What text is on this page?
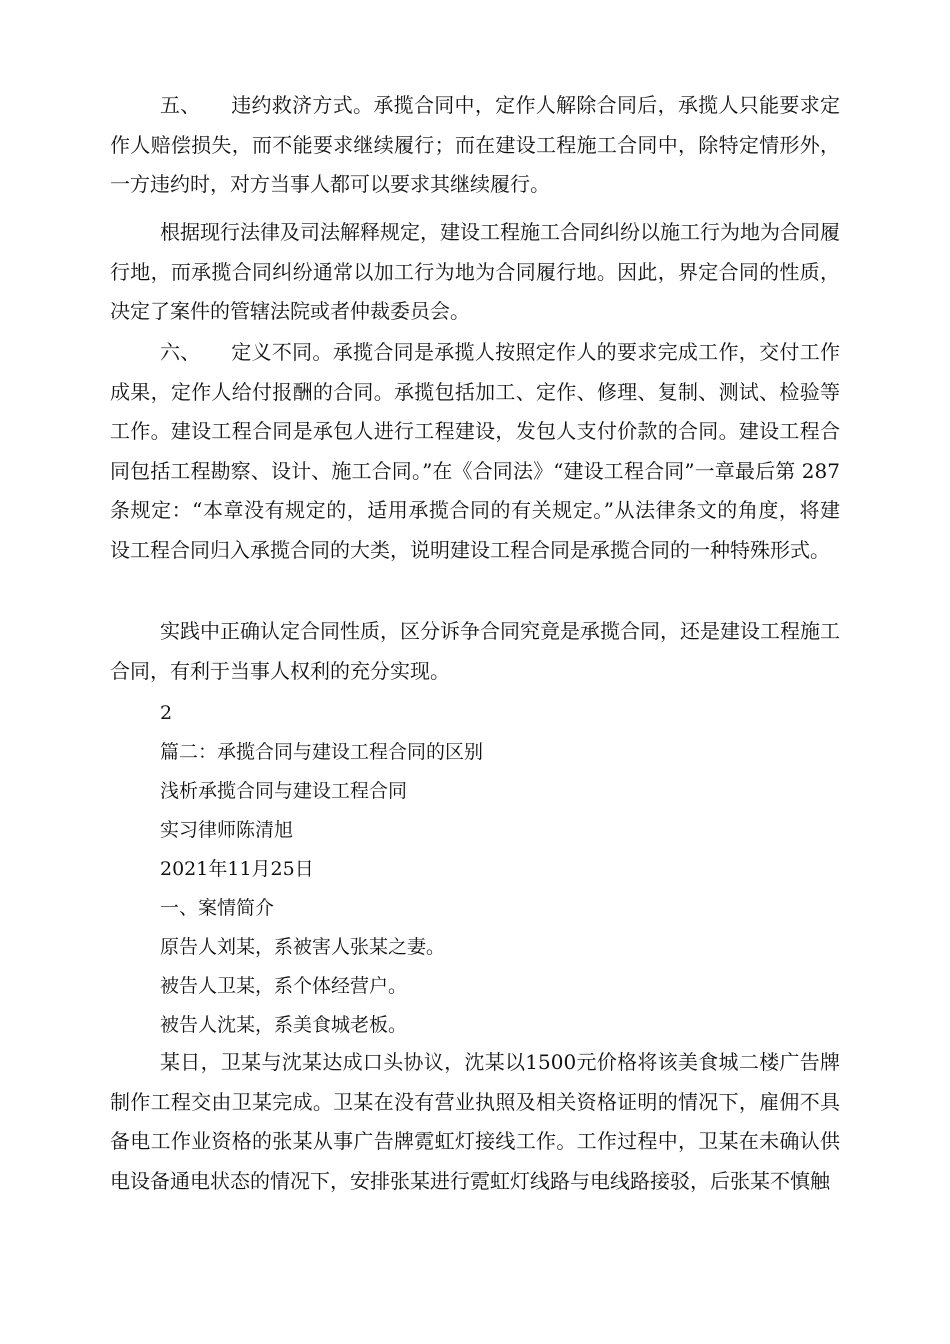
五、　　违约救济方式。承揽合同中，定作人解除合同后，承揽人只能要求定作人赔偿损失，而不能要求继续履行；而在建设工程施工合同中，除特定情形外，一方违约时，对方当事人都可以要求其继续履行。

根据现行法律及司法解释规定，建设工程施工合同纠纷以施工行为地为合同履行地，而承揽合同纠纷通常以加工行为地为合同履行地。因此，界定合同的性质，决定了案件的管辖法院或者仲裁委员会。

六、　　定义不同。承揽合同是承揽人按照定作人的要求完成工作，交付工作成果，定作人给付报酬的合同。承揽包括加工、定作、修理、复制、测试、检验等工作。建设工程合同是承包人进行工程建设，发包人支付价款的合同。建设工程合同包括工程勘察、设计、施工合同。”在《合同法》“建设工程合同”一章最后第 287条规定：“本章没有规定的，适用承揽合同的有关规定。”从法律条文的角度，将建设工程合同归入承揽合同的大类，说明建设工程合同是承揽合同的一种特殊形式。

实践中正确认定合同性质，区分诉争合同究竟是承揽合同，还是建设工程施工合同，有利于当事人权利的充分实现。

2
篇二：承揽合同与建设工程合同的区别
浅析承揽合同与建设工程合同
实习律师陈清旭
2021年11月25日
一、案情简介
原告人刘某，系被害人张某之妻。
被告人卫某，系个体经营户。
被告人沈某，系美食城老板。

某日，卫某与沈某达成口头协议，沈某以1500元价格将该美食城二楼广告牌制作工程交由卫某完成。卫某在没有营业执照及相关资格证明的情况下，雇佣不具备电工作业资格的张某从事广告牌霓虹灯接线工作。工作过程中，卫某在未确认供电设备通电状态的情况下，安排张某进行霓虹灯线路与电线路接驳，后张某不慎触
